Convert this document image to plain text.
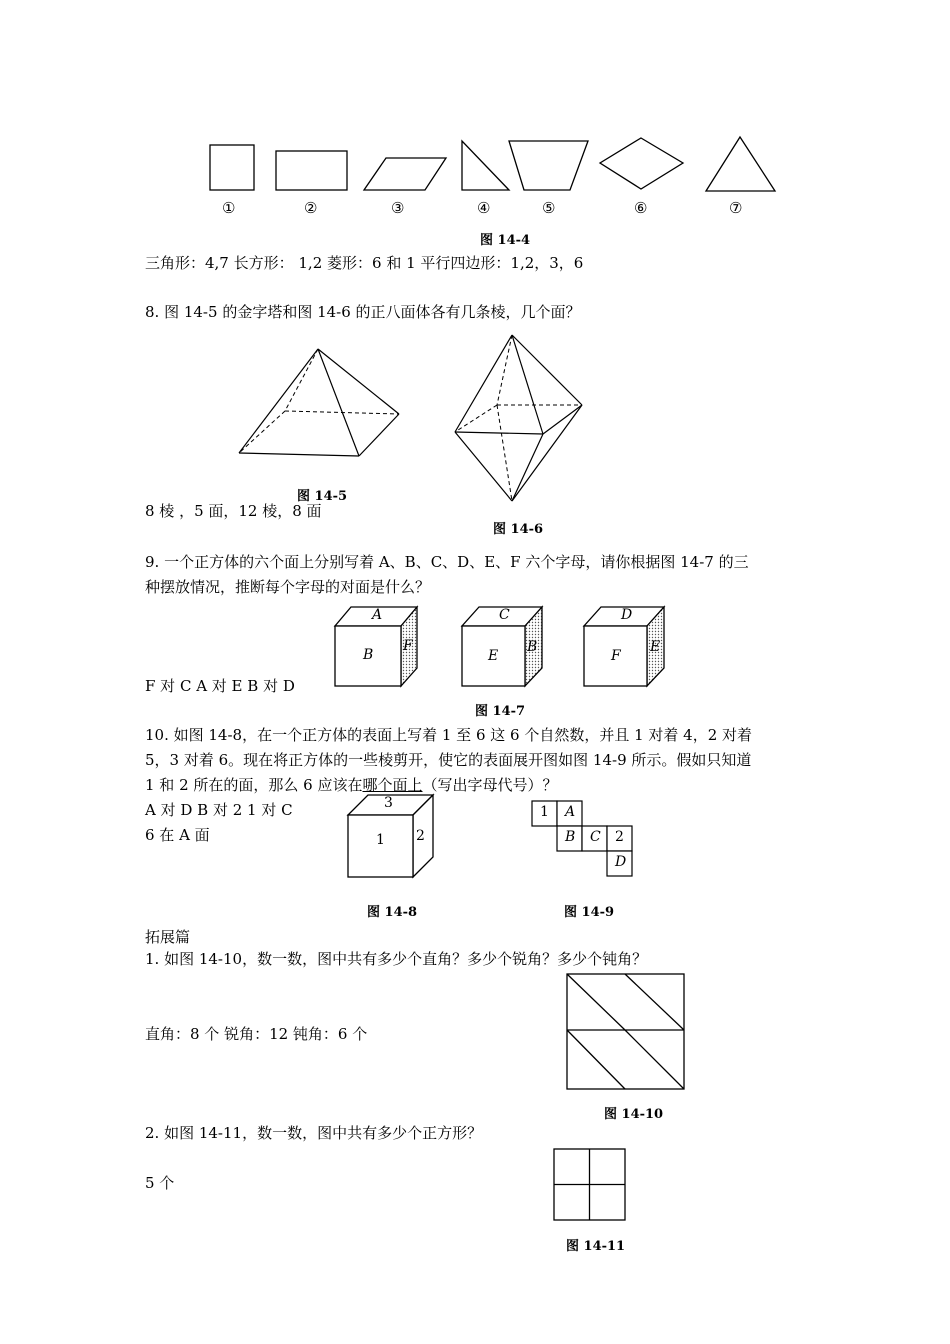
①	②	③	④	⑤	⑥	⑦
图 14-4
三角形：4,7 长方形： 1,2 菱形：6 和 1 平行四边形：1,2，3，6
8. 图 14-5 的金字塔和图 14-6 的正八面体各有几条棱，几个面？
图 14-5
8 棱 ，5 面，12 棱，8 面
图 14-6
9. 一个正方体的六个面上分别写着 A、B、C、D、E、F 六个字母，请你根据图 14-7 的三
种摆放情况，推断每个字母的对面是什么？
A
B
F
C
E
B
D
F
E
F 对 C A 对 E B 对 D
图 14-7
10. 如图 14-8，在一个正方体的表面上写着 1 至 6 这 6 个自然数，并且 1 对着 4，2 对着
5，3 对着 6。现在将正方体的一些棱剪开，使它的表面展开图如图 14-9 所示。假如只知道
1 和 2 所在的面，那么 6 应该在哪个面上（写出字母代号）？
A 对 D B 对 2 1 对 C
6 在 A 面
3
1 2
图 14-8
1 A
B C 2
D
图 14-9
拓展篇
1. 如图 14-10，数一数，图中共有多少个直角？多少个锐角？多少个钝角？
直角：8 个 锐角：12 钝角：6 个
图 14-10
2. 如图 14-11，数一数，图中共有多少个正方形？
5 个
图 14-11
